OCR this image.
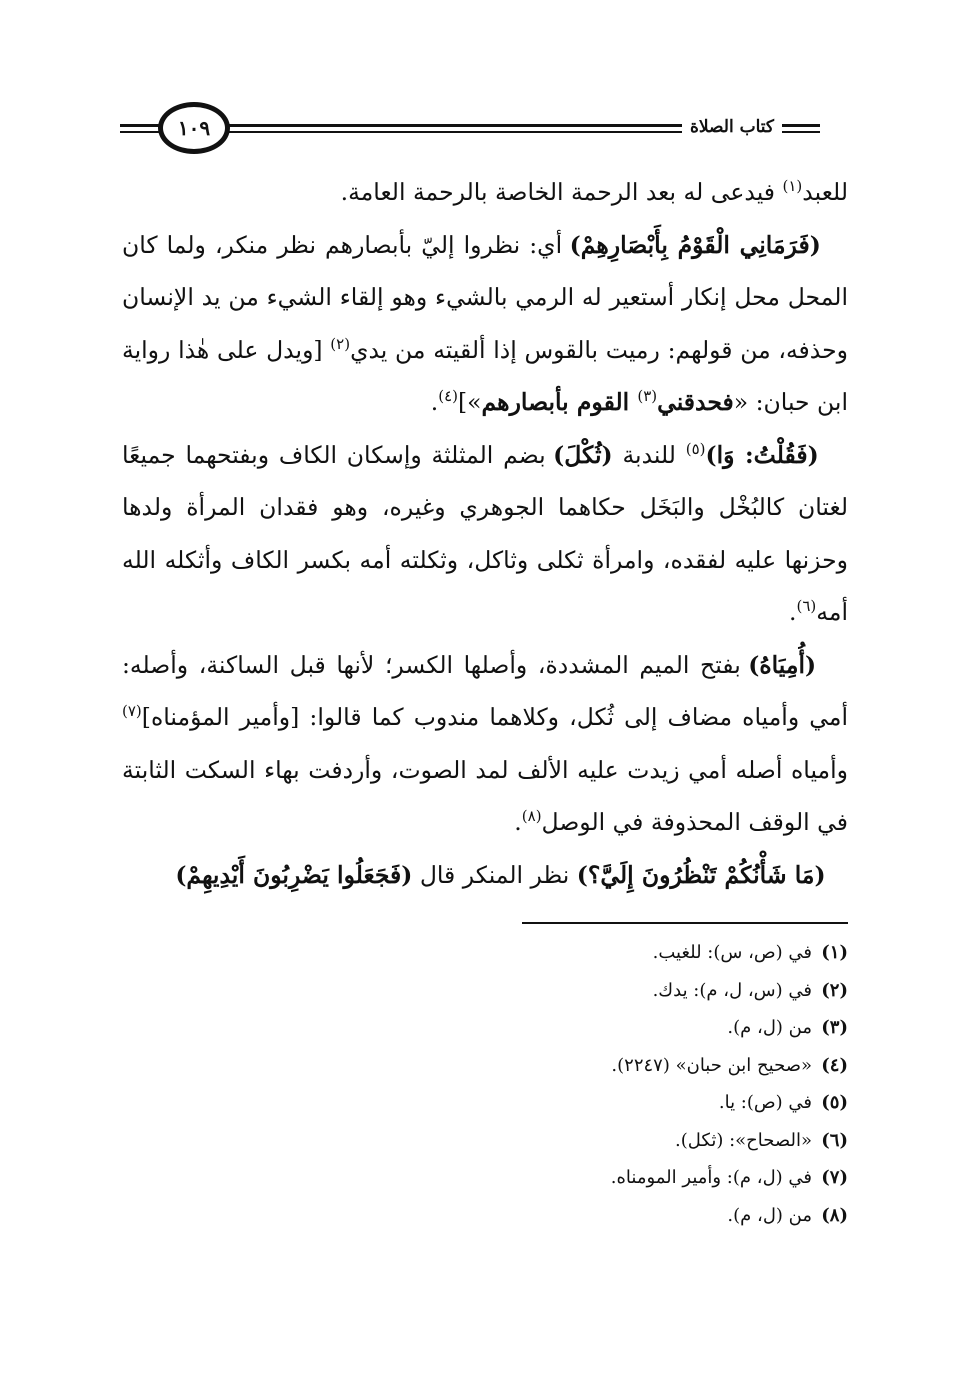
كتاب الصلاة
١٠٩

للعبد$^{(١)}$ فيدعى له بعد الرحمة الخاصة بالرحمة العامة.

(فَرَمَانِي الْقَوْمُ بِأَبْصَارِهِمْ) أي: نظروا إليّ بأبصارهم نظر منكر، ولما كان المحل محل إنكار أستعير له الرمي بالشيء وهو إلقاء الشيء من يد الإنسان وحذفه، من قولهم: رميت بالقوس إذا ألقيته من يدي$^{(٢)}$ [ويدل على هٰذا رواية ابن حبان: «فحدقني$^{(٣)}$ القوم بأبصارهم»]$^{(٤)}$.

(فَقُلْتُ: وَا)$^{(٥)}$ للندبة (ثُكْلَ) بضم المثلثة وإسكان الكاف وبفتحهما جميعًا لغتان كالبُخْل والبَخَل حكاهما الجوهري وغيره، وهو فقدان المرأة ولدها وحزنها عليه لفقده، وامرأة ثكلى وثاكل، وثكلته أمه بكسر الكاف وأثكله الله أمه$^{(٦)}$.

(أُمِيَاهُ) بفتح الميم المشددة، وأصلها الكسر؛ لأنها قبل الساكنة، وأصله: أمي وأمياه مضاف إلى ثُكل، وكلاهما مندوب كما قالوا: [وأمير المؤمناه]$^{(٧)}$ وأمياه أصله أمي زيدت عليه الألف لمد الصوت، وأردفت بهاء السكت الثابتة في الوقف المحذوفة في الوصل$^{(٨)}$.

(مَا شَأْنُكُمْ تَنْظُرُونَ إِلَيَّ؟) نظر المنكر قال (فَجَعَلُوا يَضْرِبُونَ أَيْدِيهِمْ)

(١)في (ص، س): للغيب.
(٢)في (س، ل، م): يدك.
(٣)من (ل، م).
(٤)«صحيح ابن حبان» (٢٢٤٧).
(٥)في (ص): يا.
(٦)«الصحاح»: (ثكل).
(٧)في (ل، م): وأمير المومناه.
(٨)من (ل، م).
